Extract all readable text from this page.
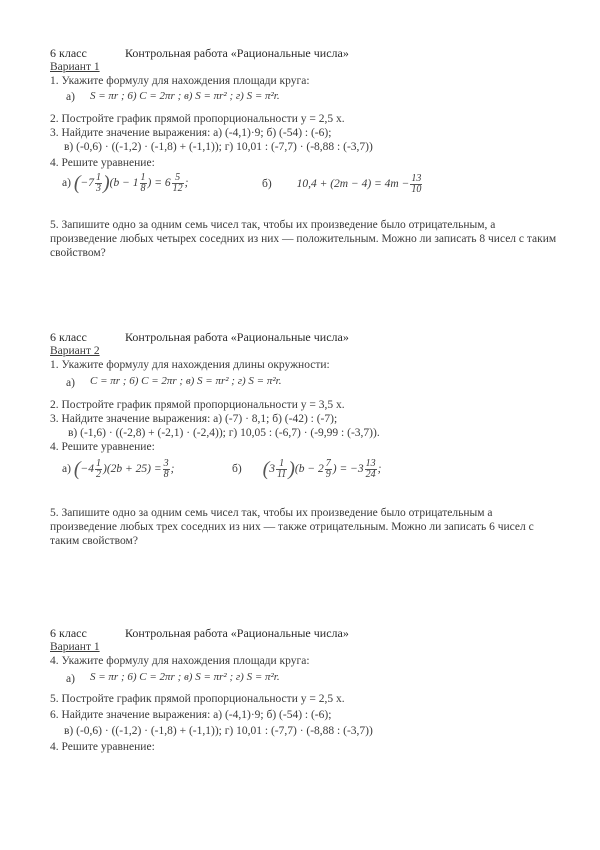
6 класс	Контрольная работа «Рациональные числа»
Вариант 1
1. Укажите формулу для нахождения площади круга:
а) S = πr ; 6) C = 2πr ; в) S = πr² ; г) S = π²r.
2. Постройте график прямой пропорциональности y = 2,5 x.
3. Найдите значение выражения: а) (-4,1)·9; б) (-54) : (-6);
в) (-0,6) · ((-1,2) · (-1,8) + (-1,1)); г) 10,01 : (-7,7) · (-8,88 : (-3,7))
4. Решите уравнение:
а) $(-7 \frac{1}{3} )(b - 1 \frac{1}{8}$ ) = $6 \frac{5}{12}$ ;	б) $10,4 + (2m - 4) = 4m - \frac{13}{10}$
5. Запишите одно за одним семь чисел так, чтобы их произведение было отрицательным, а произведение любых четырех соседних из них — положительным. Можно ли записать 8 чисел с таким свойством?
6 класс	Контрольная работа «Рациональные числа»
Вариант 2
1. Укажите формулу для нахождения длины окружности:
а) C = πr ; 6) C = 2πr ; в) S = πr² ; г) S = π²r.
2. Постройте график прямой пропорциональности y = 3,5 x.
3. Найдите значение выражения: а) (-7) · 8,1; б) (-42) : (-7);
в) (-1,6) · ((-2,8) + (-2,1) · (-2,4)); г) 10,05 : (-6,7) · (-9,99 : (-3,7)).
4. Решите уравнение:
а) $(-4 \frac{1}{2} )(2b + 25) = \frac{3}{8}$ ;	б) $(3 \frac{1}{11} )(b - 2 \frac{7}{9}$ ) = $-3 \frac{13}{24}$ ;
5. Запишите одно за одним семь чисел так, чтобы их произведение было отрицательным а произведение любых трех соседних из них — также отрицательным. Можно ли записать 6 чисел с таким свойством?
6 класс	Контрольная работа «Рациональные числа»
Вариант 1
4. Укажите формулу для нахождения площади круга:
а) S = πr ; 6) C = 2πr ; в) S = πr² ; г) S = π²r.
5. Постройте график прямой пропорциональности y = 2,5 x.
6. Найдите значение выражения: а) (-4,1)·9; б) (-54) : (-6);
в) (-0,6) · ((-1,2) · (-1,8) + (-1,1)); г) 10,01 : (-7,7) · (-8,88 : (-3,7))
4. Решите уравнение:
